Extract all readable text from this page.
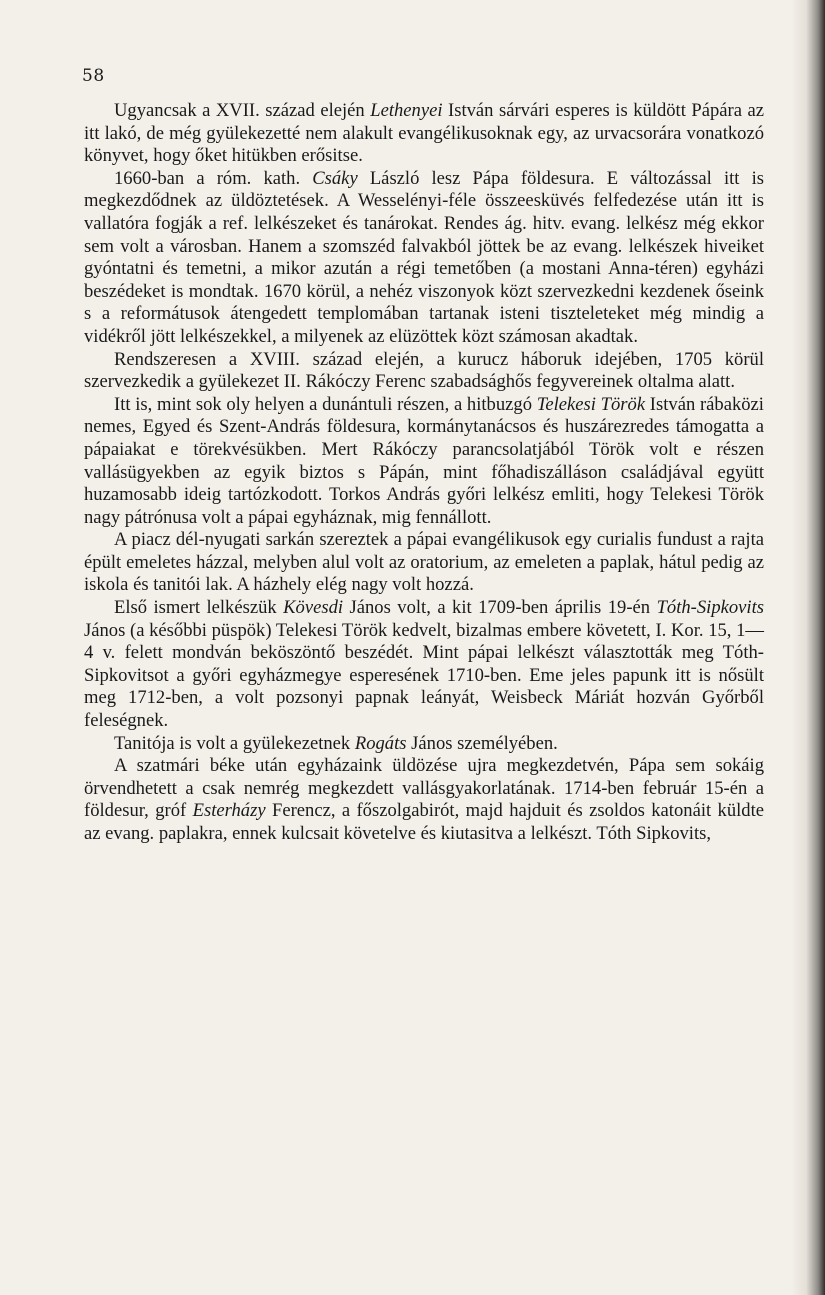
58

Ugyancsak a XVII. század elején Lethenyei István sárvári esperes is küldött Pápára az itt lakó, de még gyülekezetté nem alakult evangélikusoknak egy, az urvacsorára vonatkozó könyvet, hogy őket hitükben erősitse.

1660-ban a róm. kath. Csáky László lesz Pápa földesura. E változással itt is megkezdődnek az üldöztetések. A Wesselényi-féle összeesküvés felfedezése után itt is vallatóra fogják a ref. lelkészeket és tanárokat. Rendes ág. hitv. evang. lelkész még ekkor sem volt a városban. Hanem a szomszéd falvakból jöttek be az evang. lelkészek hiveiket gyóntatni és temetni, a mikor azután a régi temetőben (a mostani Anna-téren) egyházi beszédeket is mondtak. 1670 körül, a nehéz viszonyok közt szervezkedni kezdenek őseink s a reformátusok átengedett templomában tartanak isteni tiszteleteket még mindig a vidékről jött lelkészekkel, a milyenek az elüzöttek közt számosan akadtak.

Rendszeresen a XVIII. század elején, a kurucz háboruk idejében, 1705 körül szervezkedik a gyülekezet II. Rákóczy Ferenc szabadsághős fegyvereinek oltalma alatt.

Itt is, mint sok oly helyen a dunántuli részen, a hitbuzgó Telekesi Török István rábaközi nemes, Egyed és Szent-András földesura, kormánytanácsos és huszárezredes támogatta a pápaiakat e törekvésükben. Mert Rákóczy parancsolatjából Török volt e részen vallásügyekben az egyik biztos s Pápán, mint főhadiszálláson családjával együtt huzamosabb ideig tartózkodott. Torkos András győri lelkész emliti, hogy Telekesi Török nagy pátrónusa volt a pápai egyháznak, mig fennállott.

A piacz dél-nyugati sarkán szereztek a pápai evangélikusok egy curialis fundust a rajta épült emeletes házzal, melyben alul volt az oratorium, az emeleten a paplak, hátul pedig az iskola és tanitói lak. A házhely elég nagy volt hozzá.

Első ismert lelkészük Kövesdi János volt, a kit 1709-ben április 19-én Tóth-Sipkovits János (a későbbi püspök) Telekesi Török kedvelt, bizalmas embere követett, I. Kor. 15, 1—4 v. felett mondván beköszöntő beszédét. Mint pápai lelkészt választották meg Tóth-Sipkovitsot a győri egyházmegye esperesének 1710-ben. Eme jeles papunk itt is nősült meg 1712-ben, a volt pozsonyi papnak leányát, Weisbeck Máriát hozván Győrből feleségnek.

Tanitója is volt a gyülekezetnek Rogáts János személyében.

A szatmári béke után egyházaink üldözése ujra megkezdetvén, Pápa sem sokáig örvendhetett a csak nemrég megkezdett vallásgyakorlatának. 1714-ben február 15-én a földesur, gróf Esterházy Ferencz, a főszolgabirót, majd hajduit és zsoldos katonáit küldte az evang. paplakra, ennek kulcsait követelve és kiutasitva a lelkészt. Tóth Sipkovits,
